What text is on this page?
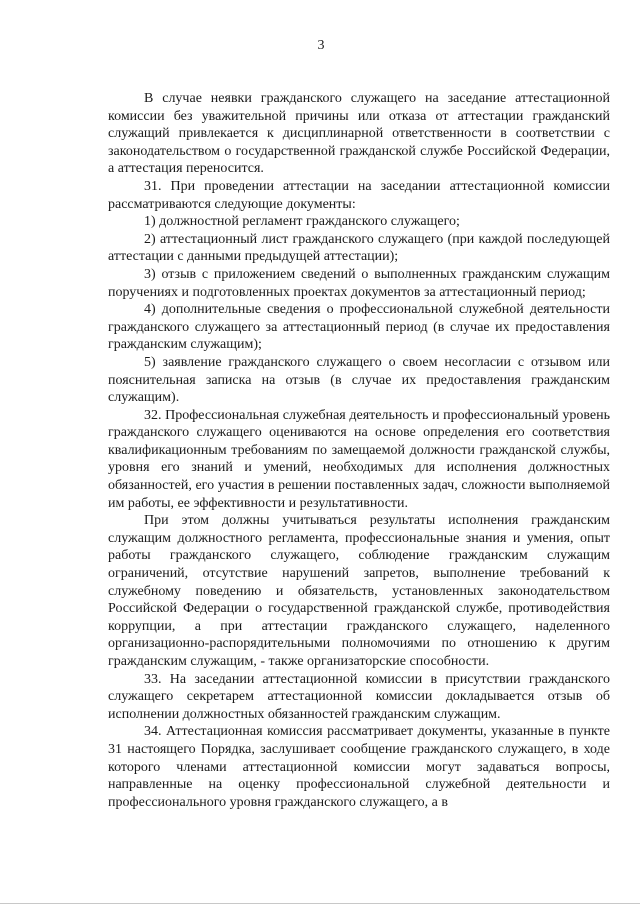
3

В случае неявки гражданского служащего на заседание аттестационной комиссии без уважительной причины или отказа от аттестации гражданский служащий привлекается к дисциплинарной ответственности в соответствии с законодательством о государственной гражданской службе Российской Федерации, а аттестация переносится.

31. При проведении аттестации на заседании аттестационной комиссии рассматриваются следующие документы:

1) должностной регламент гражданского служащего;

2) аттестационный лист гражданского служащего (при каждой последующей аттестации с данными предыдущей аттестации);

3) отзыв с приложением сведений о выполненных гражданским служащим поручениях и подготовленных проектах документов за аттестационный период;

4) дополнительные сведения о профессиональной служебной деятельности гражданского служащего за аттестационный период (в случае их предоставления гражданским служащим);

5) заявление гражданского служащего о своем несогласии с отзывом или пояснительная записка на отзыв (в случае их предоставления гражданским служащим).

32. Профессиональная служебная деятельность и профессиональный уровень гражданского служащего оцениваются на основе определения его соответствия квалификационным требованиям по замещаемой должности гражданской службы, уровня его знаний и умений, необходимых для исполнения должностных обязанностей, его участия в решении поставленных задач, сложности выполняемой им работы, ее эффективности и результативности.

При этом должны учитываться результаты исполнения гражданским служащим должностного регламента, профессиональные знания и умения, опыт работы гражданского служащего, соблюдение гражданским служащим ограничений, отсутствие нарушений запретов, выполнение требований к служебному поведению и обязательств, установленных законодательством Российской Федерации о государственной гражданской службе, противодействия коррупции, а при аттестации гражданского служащего, наделенного организационно-распорядительными полномочиями по отношению к другим гражданским служащим, - также организаторские способности.

33. На заседании аттестационной комиссии в присутствии гражданского служащего секретарем аттестационной комиссии докладывается отзыв об исполнении должностных обязанностей гражданским служащим.

34. Аттестационная комиссия рассматривает документы, указанные в пункте 31 настоящего Порядка, заслушивает сообщение гражданского служащего, в ходе которого членами аттестационной комиссии могут задаваться вопросы, направленные на оценку профессиональной служебной деятельности и профессионального уровня гражданского служащего, а в
